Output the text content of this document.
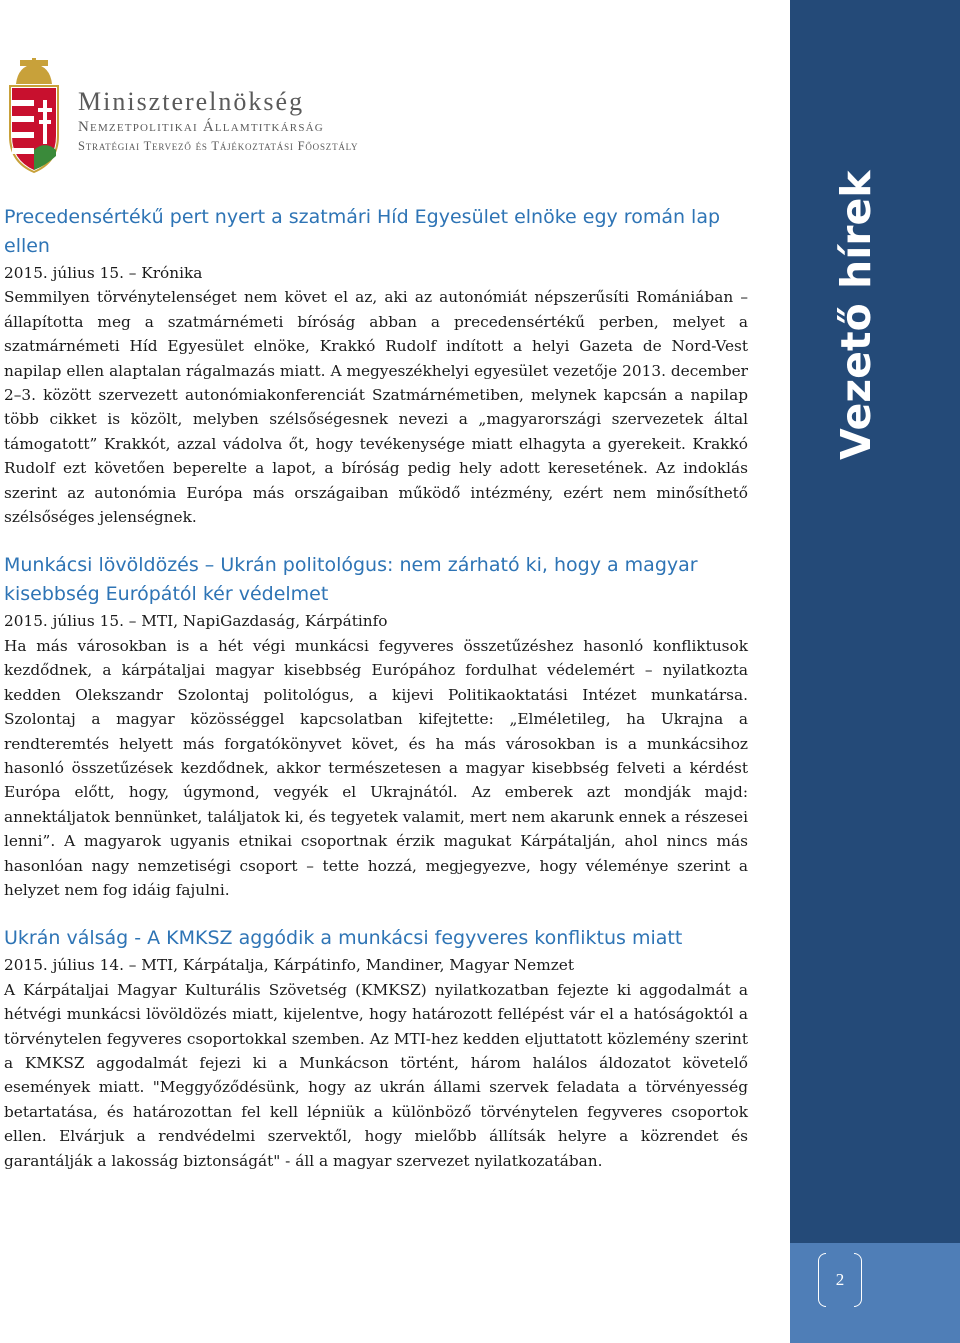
Miniszterelnökség
Nemzetpolitikai Államtitkárság
Stratégiai Tervező és Tájékoztatási Főosztály
Precedensértékű pert nyert a szatmári Híd Egyesület elnöke egy román lap ellen
2015. július 15. – Krónika

Semmilyen törvénytelenséget nem követ el az, aki az autonómiát népszerűsíti Romániában – állapította meg a szatmárnémeti bíróság abban a precedensértékű perben, melyet a szatmárnémeti Híd Egyesület elnöke, Krakkó Rudolf indított a helyi Gazeta de Nord-Vest napilap ellen alaptalan rágalmazás miatt. A megyeszékhelyi egyesület vezetője 2013. december 2–3. között szervezett autonómiakonferenciát Szatmárnémetiben, melynek kapcsán a napilap több cikket is közölt, melyben szélsőségesnek nevezi a „magyarországi szervezetek által támogatott” Krakkót, azzal vádolva őt, hogy tevékenysége miatt elhagyta a gyerekeit. Krakkó Rudolf ezt követően beperelte a lapot, a bíróság pedig hely adott keresetének. Az indoklás szerint az autonómia Európa más országaiban működő intézmény, ezért nem minősíthető szélsőséges jelenségnek.

Munkácsi lövöldözés – Ukrán politológus: nem zárható ki, hogy a magyar kisebbség Európától kér védelmet
2015. július 15. – MTI, NapiGazdaság, Kárpátinfo

Ha más városokban is a hét végi munkácsi fegyveres összetűzéshez hasonló konfliktusok kezdődnek, a kárpátaljai magyar kisebbség Európához fordulhat védelemért – nyilatkozta kedden Olekszandr Szolontaj politológus, a kijevi Politikaoktatási Intézet munkatársa. Szolontaj a magyar közösséggel kapcsolatban kifejtette: „Elméletileg, ha Ukrajna a rendteremtés helyett más forgatókönyvet követ, és ha más városokban is a munkácsihoz hasonló összetűzések kezdődnek, akkor természetesen a magyar kisebbség felveti a kérdést Európa előtt, hogy, úgymond, vegyék el Ukrajnától. Az emberek azt mondják majd: annektáljatok bennünket, találjatok ki, és tegyetek valamit, mert nem akarunk ennek a részesei lenni”. A magyarok ugyanis etnikai csoportnak érzik magukat Kárpátalján, ahol nincs más hasonlóan nagy nemzetiségi csoport – tette hozzá, megjegyezve, hogy véleménye szerint a helyzet nem fog idáig fajulni.

Ukrán válság - A KMKSZ aggódik a munkácsi fegyveres konfliktus miatt
2015. július 14. – MTI, Kárpátalja, Kárpátinfo, Mandiner, Magyar Nemzet

A Kárpátaljai Magyar Kulturális Szövetség (KMKSZ) nyilatkozatban fejezte ki aggodalmát a hétvégi munkácsi lövöldözés miatt, kijelentve, hogy határozott fellépést vár el a hatóságoktól a törvénytelen fegyveres csoportokkal szemben. Az MTI-hez kedden eljuttatott közlemény szerint a KMKSZ aggodalmát fejezi ki a Munkácson történt, három halálos áldozatot követelő események miatt. "Meggyőződésünk, hogy az ukrán állami szervek feladata a törvényesség betartatása, és határozottan fel kell lépniük a különböző törvénytelen fegyveres csoportok ellen. Elvárjuk a rendvédelmi szervektől, hogy mielőbb állítsák helyre a közrendet és garantálják a lakosság biztonságát" - áll a magyar szervezet nyilatkozatában.

Vezető hírek
2
